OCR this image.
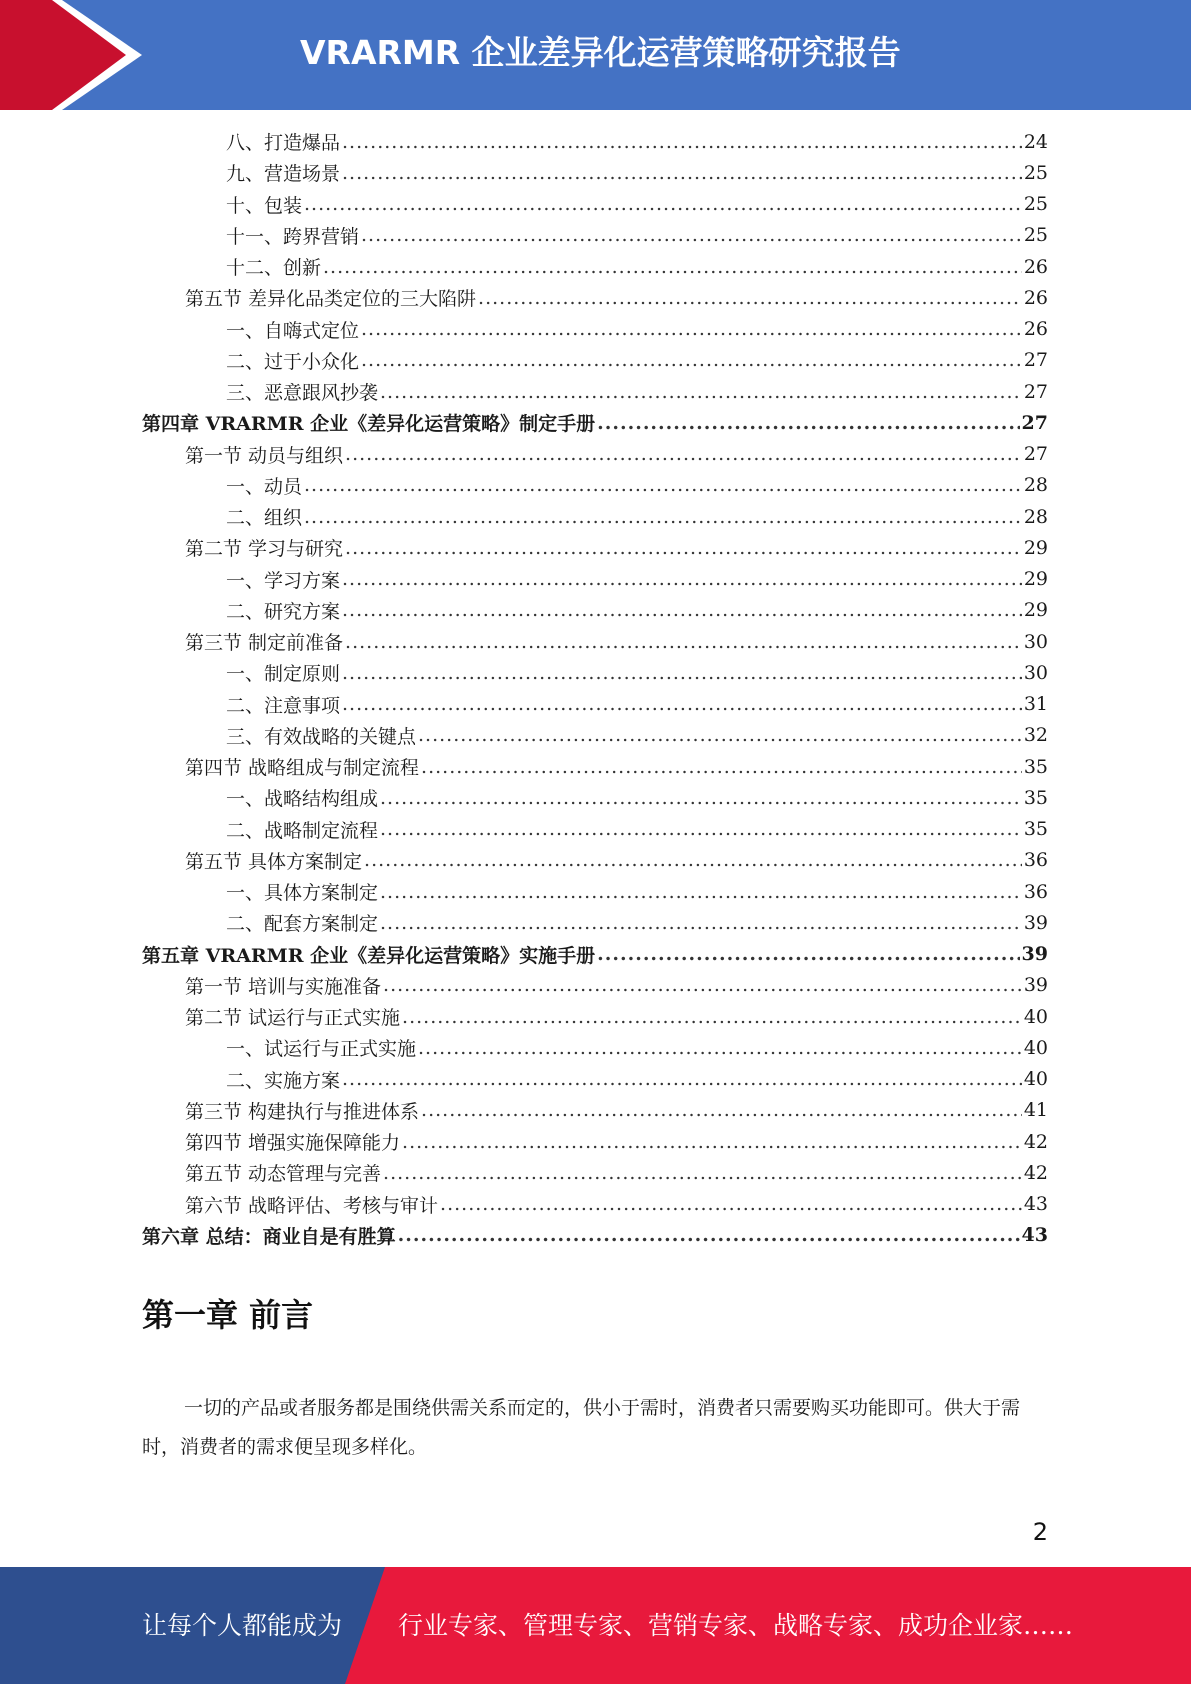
VRARMR 企业差异化运营策略研究报告
八、打造爆品 .....	24
九、营造场景 .....	25
十、包装 .....	25
十一、跨界营销 .....	25
十二、创新 .....	26
第五节 差异化品类定位的三大陷阱 .....	26
一、自嗨式定位 .....	26
二、过于小众化 .....	27
三、恶意跟风抄袭 .....	27
第四章 VRARMR 企业《差异化运营策略》制定手册 .....	27
第一节 动员与组织 .....	27
一、动员 .....	28
二、组织 .....	28
第二节 学习与研究 .....	29
一、学习方案 .....	29
二、研究方案 .....	29
第三节 制定前准备 .....	30
一、制定原则 .....	30
二、注意事项 .....	31
三、有效战略的关键点 .....	32
第四节 战略组成与制定流程 .....	35
一、战略结构组成 .....	35
二、战略制定流程 .....	35
第五节 具体方案制定 .....	36
一、具体方案制定 .....	36
二、配套方案制定 .....	39
第五章 VRARMR 企业《差异化运营策略》实施手册 .....	39
第一节 培训与实施准备 .....	39
第二节 试运行与正式实施 .....	40
一、试运行与正式实施 .....	40
二、实施方案 .....	40
第三节 构建执行与推进体系 .....	41
第四节 增强实施保障能力 .....	42
第五节 动态管理与完善 .....	42
第六节 战略评估、考核与审计 .....	43
第六章 总结：商业自是有胜算 .....	43
第一章 前言

一切的产品或者服务都是围绕供需关系而定的，供小于需时，消费者只需要购买功能即可。供大于需时，消费者的需求便呈现多样化。

2
让每个人都能成为 行业专家、管理专家、营销专家、战略专家、成功企业家……
